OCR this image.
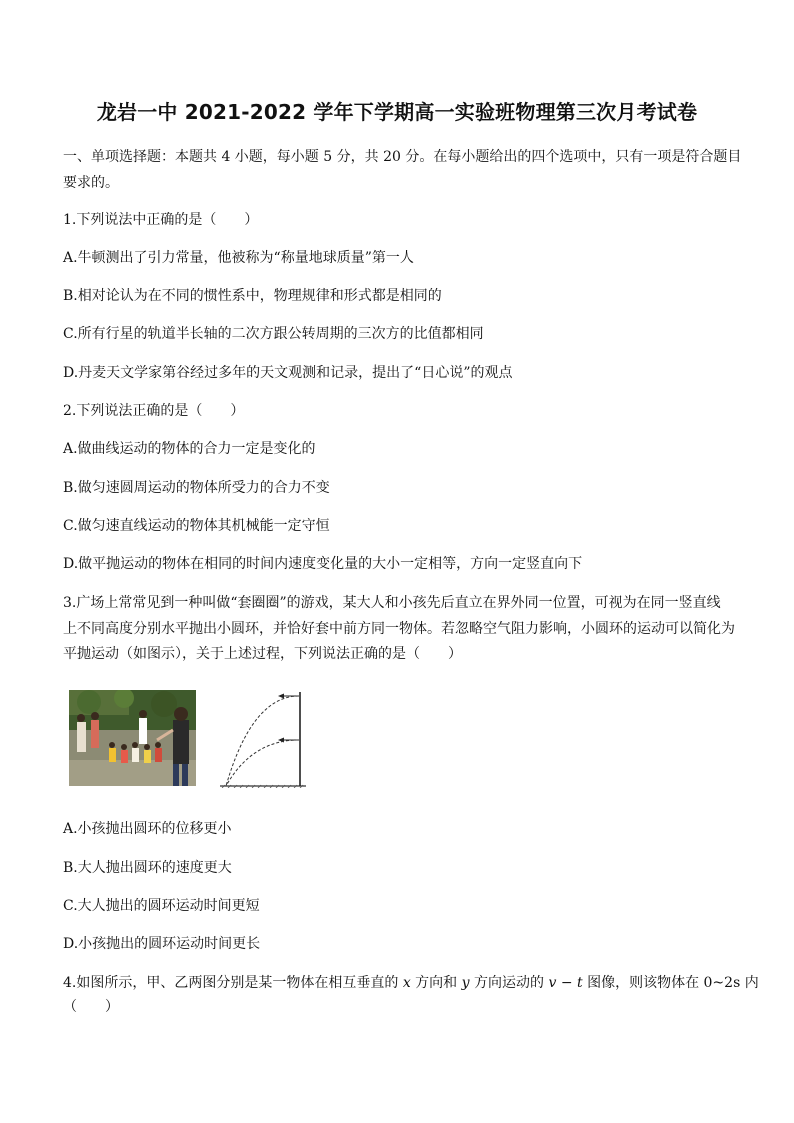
龙岩一中 2021-2022 学年下学期高一实验班物理第三次月考试卷
一、单项选择题：本题共 4 小题，每小题 5 分，共 20 分。在每小题给出的四个选项中，只有一项是符合题目
要求的。
1.下列说法中正确的是（　　）
A.牛顿测出了引力常量，他被称为“称量地球质量”第一人
B.相对论认为在不同的惯性系中，物理规律和形式都是相同的
C.所有行星的轨道半长轴的二次方跟公转周期的三次方的比值都相同
D.丹麦天文学家第谷经过多年的天文观测和记录，提出了“日心说”的观点
2.下列说法正确的是（　　）
A.做曲线运动的物体的合力一定是变化的
B.做匀速圆周运动的物体所受力的合力不变
C.做匀速直线运动的物体其机械能一定守恒
D.做平抛运动的物体在相同的时间内速度变化量的大小一定相等，方向一定竖直向下
3.广场上常常见到一种叫做“套圈圈”的游戏，某大人和小孩先后直立在界外同一位置，可视为在同一竖直线
上不同高度分别水平抛出小圆环，并恰好套中前方同一物体。若忽略空气阻力影响，小圆环的运动可以简化为
平抛运动（如图示），关于上述过程，下列说法正确的是（　　）
A.小孩抛出圆环的位移更小
B.大人抛出圆环的速度更大
C.大人抛出的圆环运动时间更短
D.小孩抛出的圆环运动时间更长
4.如图所示，甲、乙两图分别是某一物体在相互垂直的 x 方向和 y 方向运动的 v − t 图像，则该物体在 0~2s 内
（　　）
